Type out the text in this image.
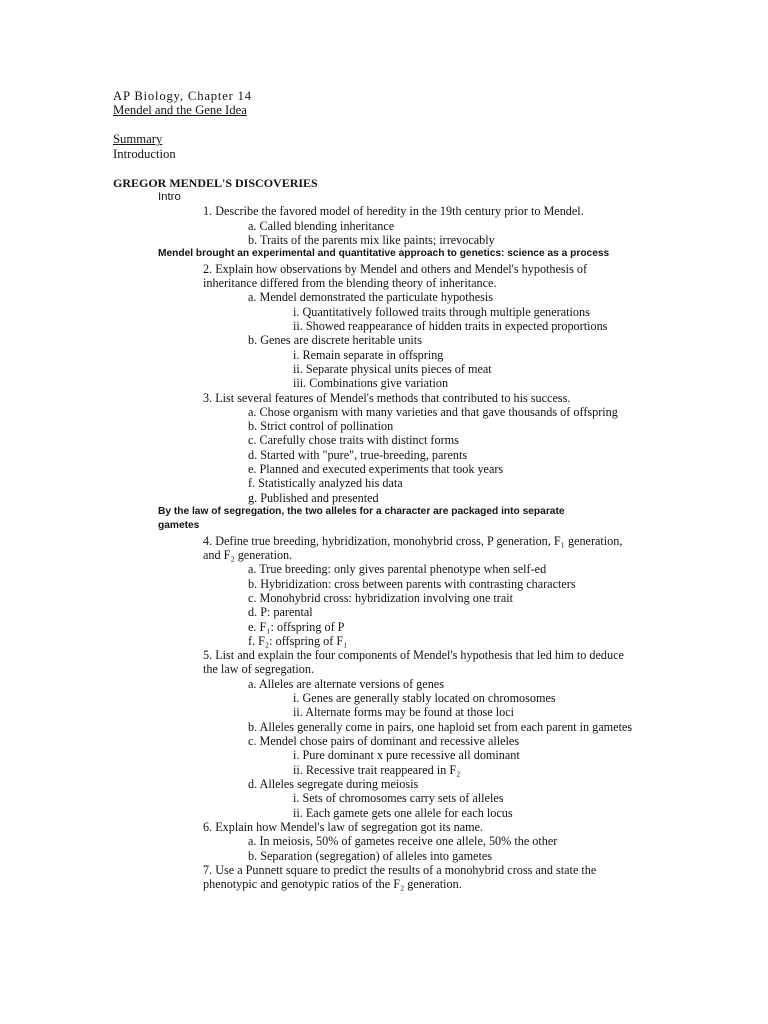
AP Biology, Chapter 14
Mendel and the Gene Idea
Summary
Introduction
GREGOR MENDEL'S DISCOVERIES
Intro
1. Describe the favored model of heredity in the 19th century prior to Mendel.
a. Called blending inheritance
b. Traits of the parents mix like paints; irrevocably
Mendel brought an experimental and quantitative approach to genetics: science as a process
2. Explain how observations by Mendel and others and Mendel's hypothesis of
inheritance differed from the blending theory of inheritance.
a. Mendel demonstrated the particulate hypothesis
i. Quantitatively followed traits through multiple generations
ii. Showed reappearance of hidden traits in expected proportions
b. Genes are discrete heritable units
i. Remain separate in offspring
ii. Separate physical units pieces of meat
iii. Combinations give variation
3. List several features of Mendel's methods that contributed to his success.
a. Chose organism with many varieties and that gave thousands of offspring
b. Strict control of pollination
c. Carefully chose traits with distinct forms
d. Started with "pure", true-breeding, parents
e. Planned and executed experiments that took years
f. Statistically analyzed his data
g. Published and presented
By the law of segregation, the two alleles for a character are packaged into separate
gametes
4. Define true breeding, hybridization, monohybrid cross, P generation, F₁ generation,
and F₂ generation.
a. True breeding: only gives parental phenotype when self-ed
b. Hybridization: cross between parents with contrasting characters
c. Monohybrid cross: hybridization involving one trait
d. P: parental
e. F₁: offspring of P
f. F₂: offspring of F₁
5. List and explain the four components of Mendel's hypothesis that led him to deduce
the law of segregation.
a. Alleles are alternate versions of genes
i. Genes are generally stably located on chromosomes
ii. Alternate forms may be found at those loci
b. Alleles generally come in pairs, one haploid set from each parent in gametes
c. Mendel chose pairs of dominant and recessive alleles
i. Pure dominant x pure recessive all dominant
ii. Recessive trait reappeared in F₂
d. Alleles segregate during meiosis
i. Sets of chromosomes carry sets of alleles
ii. Each gamete gets one allele for each locus
6. Explain how Mendel's law of segregation got its name.
a. In meiosis, 50% of gametes receive one allele, 50% the other
b. Separation (segregation) of alleles into gametes
7. Use a Punnett square to predict the results of a monohybrid cross and state the
phenotypic and genotypic ratios of the F₂ generation.
